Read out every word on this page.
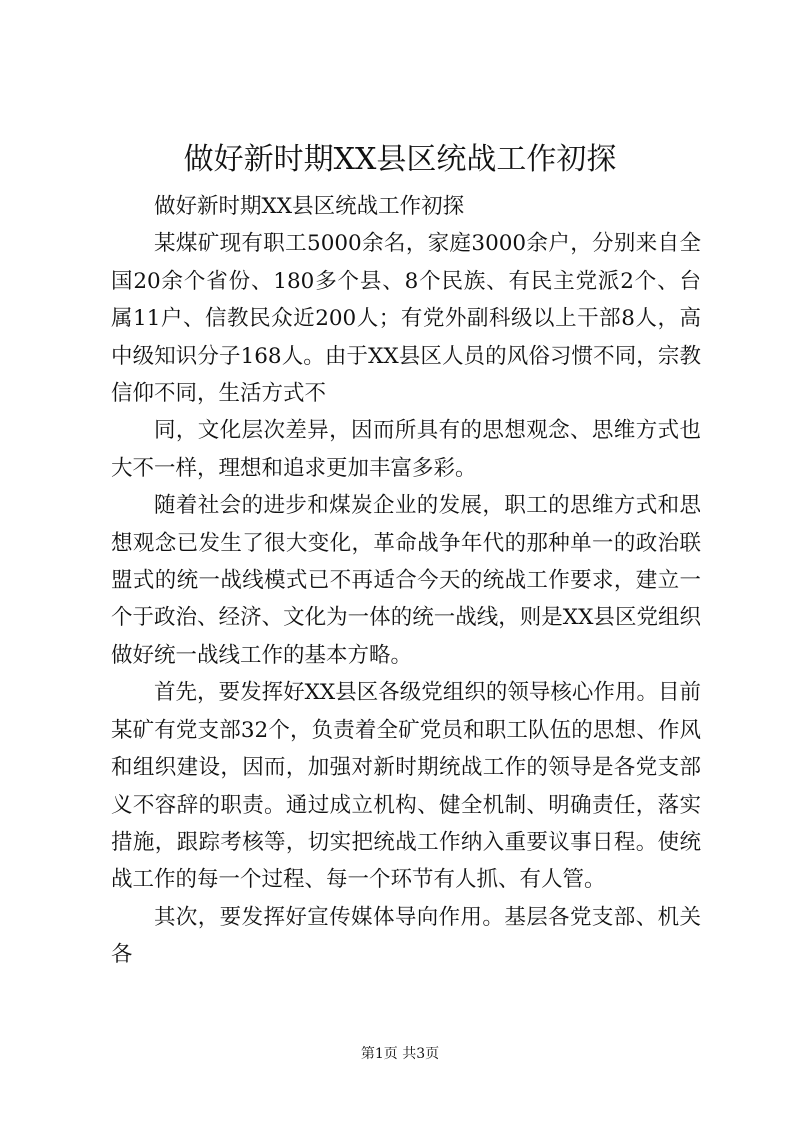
做好新时期XX县区统战工作初探

做好新时期XX县区统战工作初探

某煤矿现有职工5000余名，家庭3000余户，分别来自全国20余个省份、180多个县、8个民族、有民主党派2个、台属11户、信教民众近200人；有党外副科级以上干部8人，高中级知识分子168人。由于XX县区人员的风俗习惯不同，宗教信仰不同，生活方式不

同，文化层次差异，因而所具有的思想观念、思维方式也大不一样，理想和追求更加丰富多彩。

随着社会的进步和煤炭企业的发展，职工的思维方式和思想观念已发生了很大变化，革命战争年代的那种单一的政治联盟式的统一战线模式已不再适合今天的统战工作要求，建立一个于政治、经济、文化为一体的统一战线，则是XX县区党组织做好统一战线工作的基本方略。

首先，要发挥好XX县区各级党组织的领导核心作用。目前某矿有党支部32个，负责着全矿党员和职工队伍的思想、作风和组织建设，因而，加强对新时期统战工作的领导是各党支部义不容辞的职责。通过成立机构、健全机制、明确责任，落实措施，跟踪考核等，切实把统战工作纳入重要议事日程。使统战工作的每一个过程、每一个环节有人抓、有人管。

其次，要发挥好宣传媒体导向作用。基层各党支部、机关各

第1页 共3页
